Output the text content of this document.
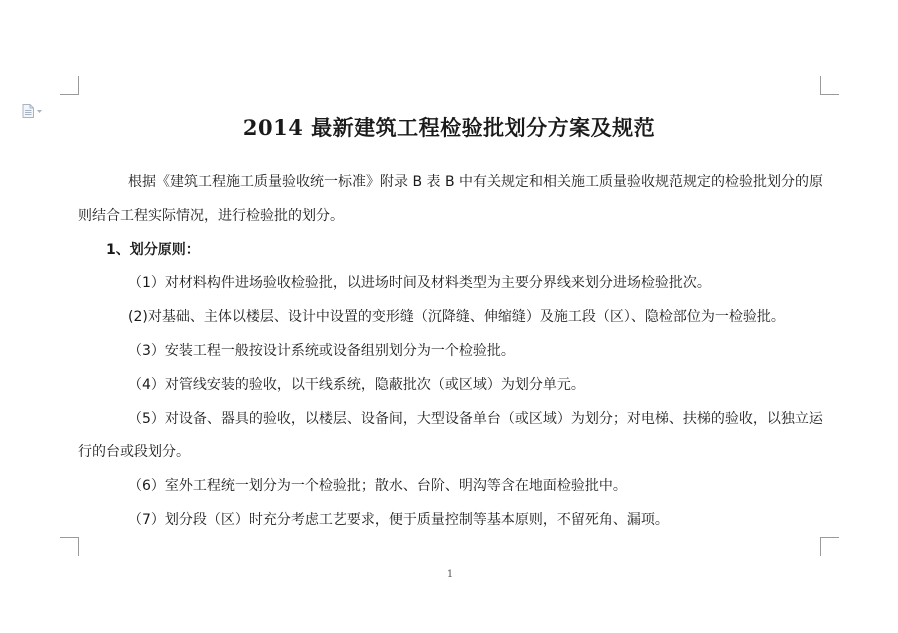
2014 最新建筑工程检验批划分方案及规范

根据《建筑工程施工质量验收统一标准》附录 B 表 B 中有关规定和相关施工质量验收规范规定的检验批划分的原则结合工程实际情况，进行检验批的划分。

1、划分原则：

（1）对材料构件进场验收检验批，以进场时间及材料类型为主要分界线来划分进场检验批次。

(2)对基础、主体以楼层、设计中设置的变形缝（沉降缝、伸缩缝）及施工段（区）、隐检部位为一检验批。

（3）安装工程一般按设计系统或设备组别划分为一个检验批。

（4）对管线安装的验收，以干线系统，隐蔽批次（或区域）为划分单元。

（5）对设备、器具的验收，以楼层、设备间，大型设备单台（或区域）为划分；对电梯、扶梯的验收，以独立运行的台或段划分。

（6）室外工程统一划分为一个检验批；散水、台阶、明沟等含在地面检验批中。

（7）划分段（区）时充分考虑工艺要求，便于质量控制等基本原则，不留死角、漏项。

1
